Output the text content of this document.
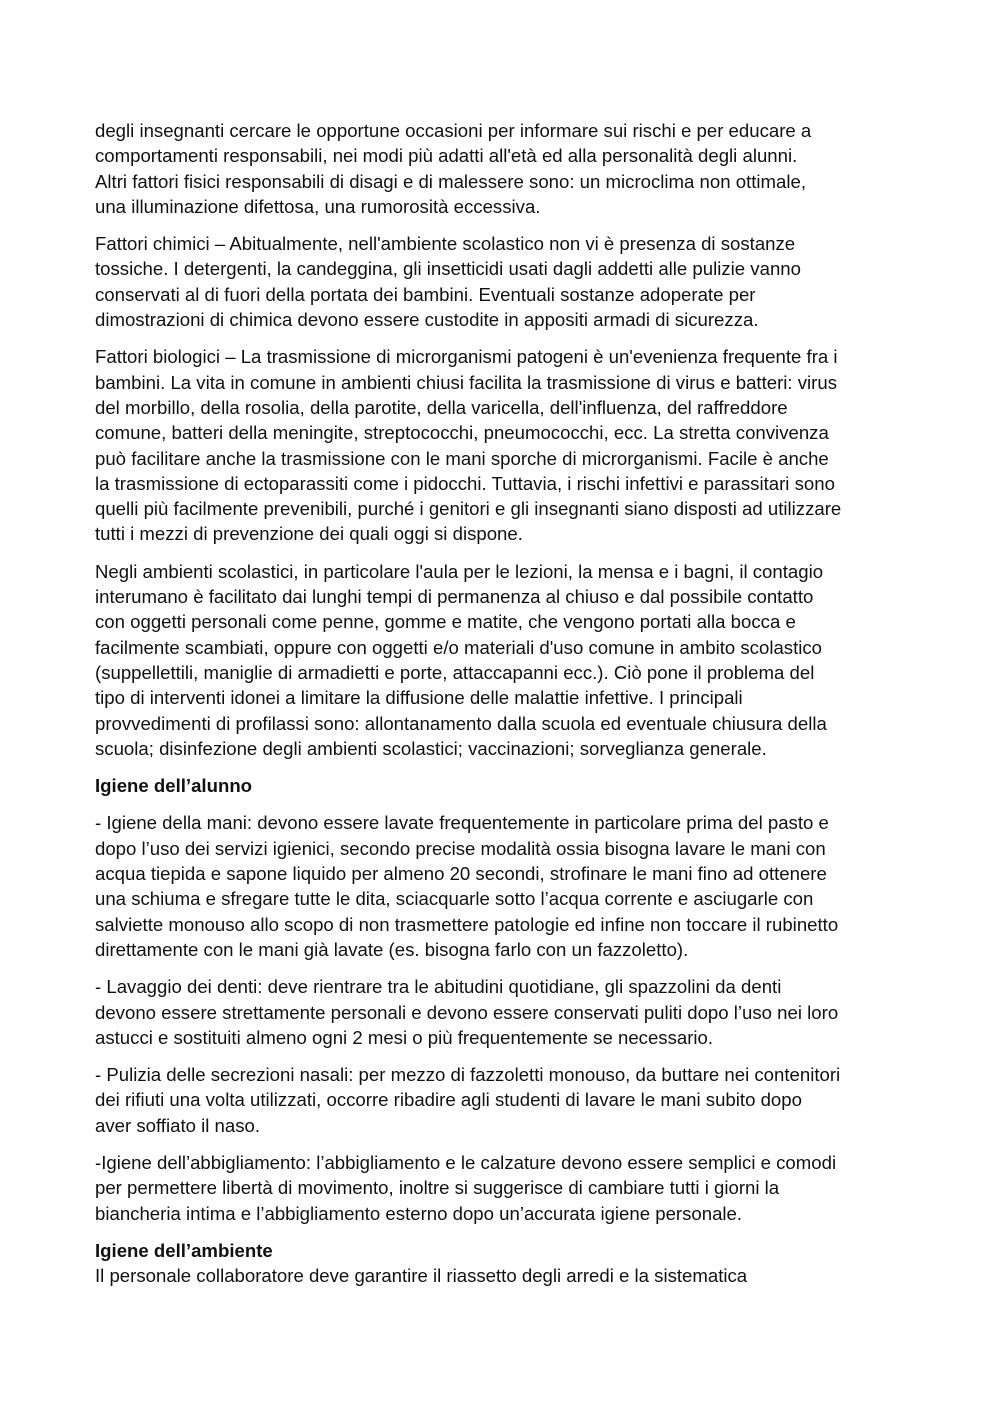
degli insegnanti cercare le opportune occasioni per informare sui rischi e per educare a
comportamenti responsabili, nei modi più adatti all'età ed alla personalità degli alunni.
Altri fattori fisici responsabili di disagi e di malessere sono: un microclima non ottimale,
una illuminazione difettosa, una rumorosità eccessiva.

Fattori chimici – Abitualmente, nell'ambiente scolastico non vi è presenza di sostanze
tossiche. I detergenti, la candeggina, gli insetticidi usati dagli addetti alle pulizie vanno
conservati al di fuori della portata dei bambini. Eventuali sostanze adoperate per
dimostrazioni di chimica devono essere custodite in appositi armadi di sicurezza.

Fattori biologici – La trasmissione di microrganismi patogeni è un'evenienza frequente fra i
bambini. La vita in comune in ambienti chiusi facilita la trasmissione di virus e batteri: virus
del morbillo, della rosolia, della parotite, della varicella, dell'influenza, del raffreddore
comune, batteri della meningite, streptococchi, pneumococchi, ecc. La stretta convivenza
può facilitare anche la trasmissione con le mani sporche di microrganismi. Facile è anche
la trasmissione di ectoparassiti come i pidocchi. Tuttavia, i rischi infettivi e parassitari sono
quelli più facilmente prevenibili, purché i genitori e gli insegnanti siano disposti ad utilizzare
tutti i mezzi di prevenzione dei quali oggi si dispone.

Negli ambienti scolastici, in particolare l'aula per le lezioni, la mensa e i bagni, il contagio
interumano è facilitato dai lunghi tempi di permanenza al chiuso e dal possibile contatto
con oggetti personali come penne, gomme e matite, che vengono portati alla bocca e
facilmente scambiati, oppure con oggetti e/o materiali d'uso comune in ambito scolastico
(suppellettili, maniglie di armadietti e porte, attaccapanni ecc.). Ciò pone il problema del
tipo di interventi idonei a limitare la diffusione delle malattie infettive. I principali
provvedimenti di profilassi sono: allontanamento dalla scuola ed eventuale chiusura della
scuola; disinfezione degli ambienti scolastici; vaccinazioni; sorveglianza generale.

Igiene dell’alunno

- Igiene della mani: devono essere lavate frequentemente in particolare prima del pasto e
dopo l’uso dei servizi igienici, secondo precise modalità ossia bisogna lavare le mani con
acqua tiepida e sapone liquido per almeno 20 secondi, strofinare le mani fino ad ottenere
una schiuma e sfregare tutte le dita, sciacquarle sotto l’acqua corrente e asciugarle con
salviette monouso allo scopo di non trasmettere patologie ed infine non toccare il rubinetto
direttamente con le mani già lavate (es. bisogna farlo con un fazzoletto).

- Lavaggio dei denti: deve rientrare tra le abitudini quotidiane, gli spazzolini da denti
devono essere strettamente personali e devono essere conservati puliti dopo l’uso nei loro
astucci e sostituiti almeno ogni 2 mesi o più frequentemente se necessario.

- Pulizia delle secrezioni nasali: per mezzo di fazzoletti monouso, da buttare nei contenitori
dei rifiuti una volta utilizzati, occorre ribadire agli studenti di lavare le mani subito dopo
aver soffiato il naso.

-Igiene dell’abbigliamento: l’abbigliamento e le calzature devono essere semplici e comodi
per permettere libertà di movimento, inoltre si suggerisce di cambiare tutti i giorni la
biancheria intima e l’abbigliamento esterno dopo un’accurata igiene personale.

Igiene dell’ambiente

Il personale collaboratore deve garantire il riassetto degli arredi e la sistematica
